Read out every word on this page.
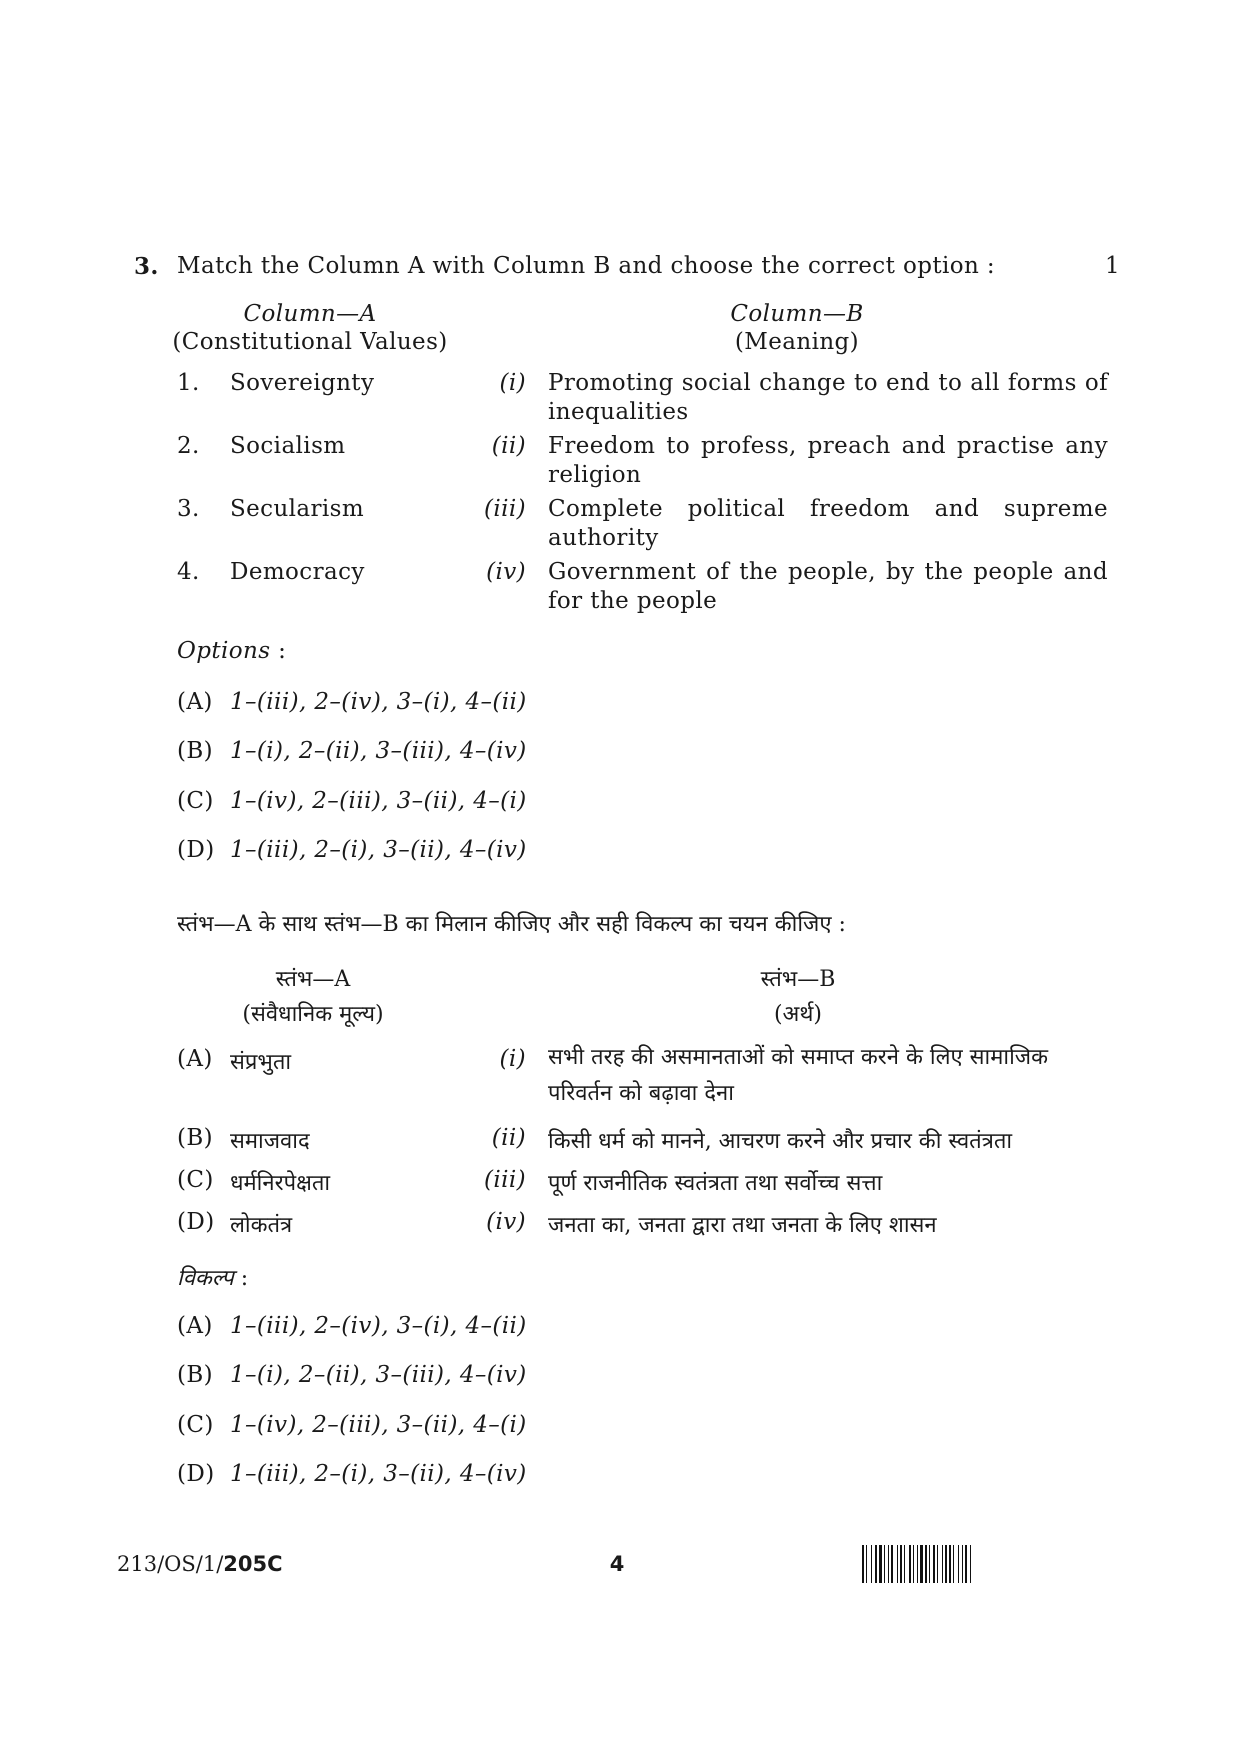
3. Match the Column A with Column B and choose the correct option :	1
Column—A
(Constitutional Values)
Column—B
(Meaning)
1. Sovereignty	(i) Promoting social change to end to all forms of inequalities
2. Socialism	(ii) Freedom to profess, preach and practise any religion
3. Secularism	(iii) Complete political freedom and supreme authority
4. Democracy	(iv) Government of the people, by the people and for the people
Options :
(A) 1–(iii), 2–(iv), 3–(i), 4–(ii)
(B) 1–(i), 2–(ii), 3–(iii), 4–(iv)
(C) 1–(iv), 2–(iii), 3–(ii), 4–(i)
(D) 1–(iii), 2–(i), 3–(ii), 4–(iv)
स्तंभ—A के साथ स्तंभ—B का मिलान कीजिए और सही विकल्प का चयन कीजिए :
स्तंभ—A
(संवैधानिक मूल्य)
स्तंभ—B
(अर्थ)
(A) संप्रभुता	(i) सभी तरह की असमानताओं को समाप्त करने के लिए सामाजिक परिवर्तन को बढ़ावा देना
(B) समाजवाद	(ii) किसी धर्म को मानने, आचरण करने और प्रचार की स्वतंत्रता
(C) धर्मनिरपेक्षता	(iii) पूर्ण राजनीतिक स्वतंत्रता तथा सर्वोच्च सत्ता
(D) लोकतंत्र	(iv) जनता का, जनता द्वारा तथा जनता के लिए शासन
विकल्प :
(A) 1–(iii), 2–(iv), 3–(i), 4–(ii)
(B) 1–(i), 2–(ii), 3–(iii), 4–(iv)
(C) 1–(iv), 2–(iii), 3–(ii), 4–(i)
(D) 1–(iii), 2–(i), 3–(ii), 4–(iv)
213/OS/1/205C	4
